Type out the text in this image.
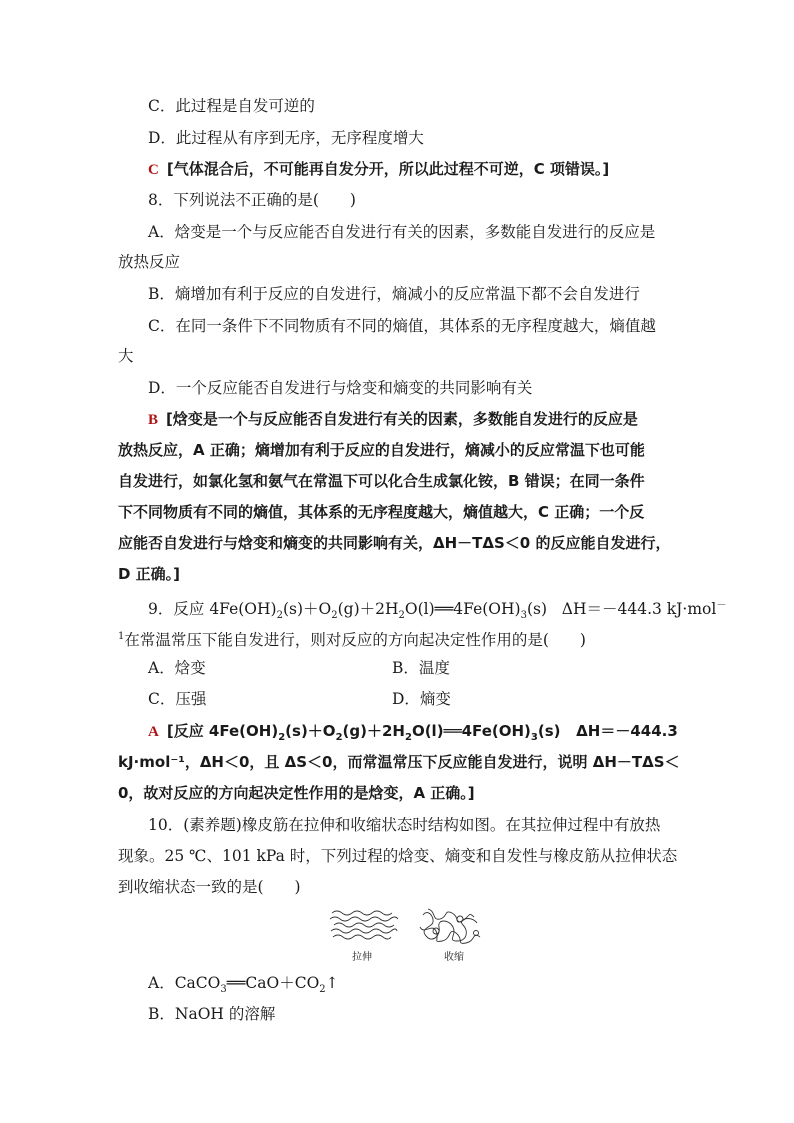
C．此过程是自发可逆的
D．此过程从有序到无序，无序程度增大
C [气体混合后，不可能再自发分开，所以此过程不可逆，C 项错误。]
8．下列说法不正确的是(　　)
A．焓变是一个与反应能否自发进行有关的因素，多数能自发进行的反应是
放热反应
B．熵增加有利于反应的自发进行，熵减小的反应常温下都不会自发进行
C．在同一条件下不同物质有不同的熵值，其体系的无序程度越大，熵值越
大
D．一个反应能否自发进行与焓变和熵变的共同影响有关
B [焓变是一个与反应能否自发进行有关的因素，多数能自发进行的反应是
放热反应，A 正确；熵增加有利于反应的自发进行，熵减小的反应常温下也可能
自发进行，如氯化氢和氨气在常温下可以化合生成氯化铵，B 错误；在同一条件
下不同物质有不同的熵值，其体系的无序程度越大，熵值越大，C 正确；一个反
应能否自发进行与焓变和熵变的共同影响有关，ΔH－TΔS＜0 的反应能自发进行，
D 正确。]
9．反应 $4Fe(OH)_2(s)+O_2(g)+2H_2O(l)══4Fe(OH)_3(s)$ ΔH＝－444.3 kJ·mol－
$^1$在常温常压下能自发进行，则对反应的方向起决定性作用的是(　　)
A．焓变	B．温度
C．压强	D．熵变
A [反应 $4Fe(OH)_2(s)+O_2(g)+2H_2O(l)══4Fe(OH)_3(s)$   ΔH＝－444.3
kJ·mol⁻¹，ΔH＜0，且 ΔS＜0，而常温常压下反应能自发进行，说明 ΔH－TΔS＜
0，故对反应的方向起决定性作用的是焓变，A 正确。]
10．(素养题)橡皮筋在拉伸和收缩状态时结构如图。在其拉伸过程中有放热
现象。25 ℃、101 kPa 时，下列过程的焓变、熵变和自发性与橡皮筋从拉伸状态
到收缩状态一致的是(　　)
拉伸	收缩
A．$CaCO_3══CaO+CO_2↑$
B．NaOH 的溶解
